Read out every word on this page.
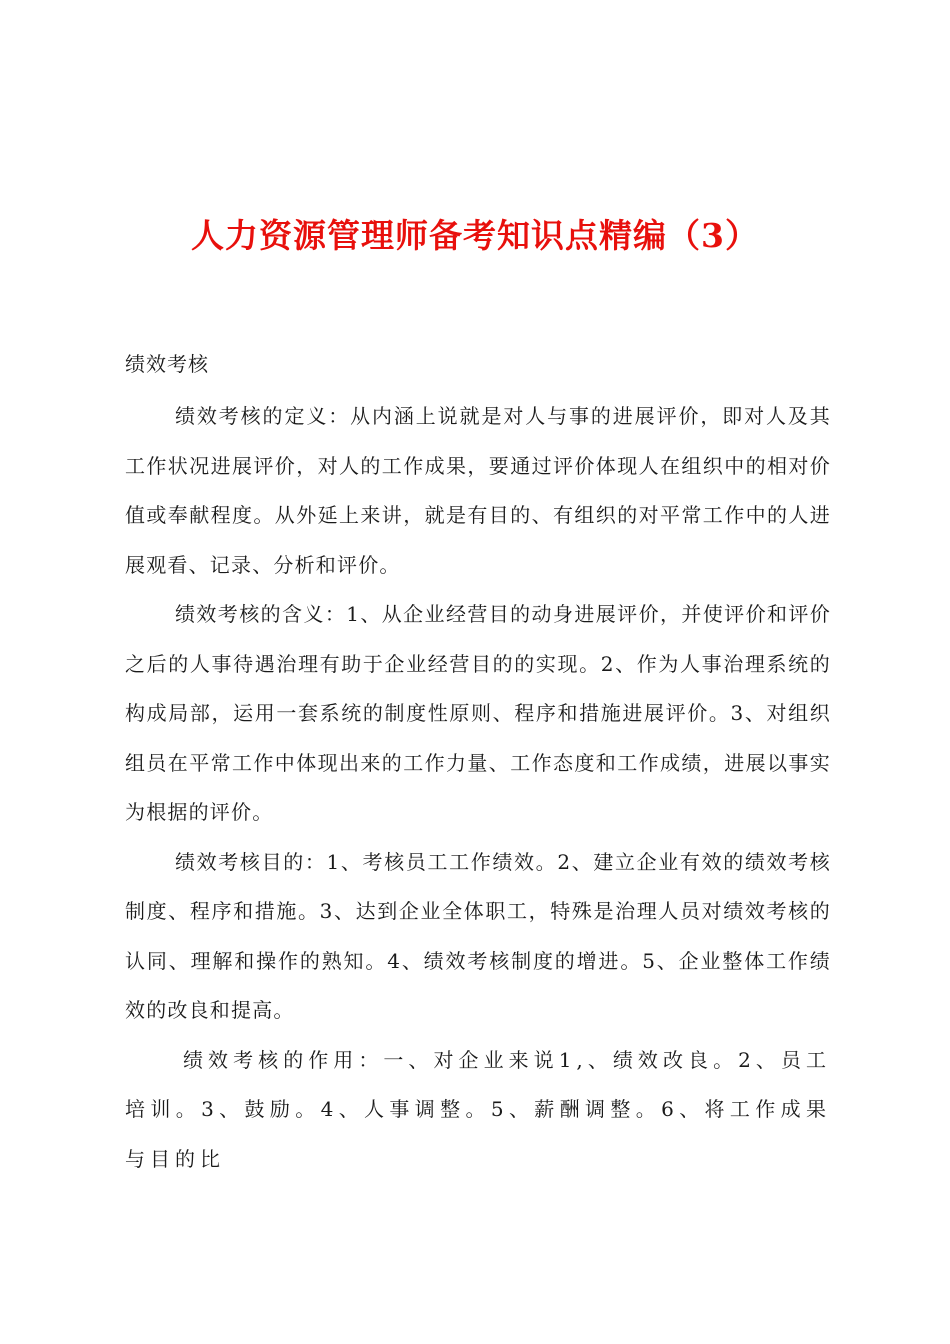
人力资源管理师备考知识点精编（3）
绩效考核

绩效考核的定义：从内涵上说就是对人与事的进展评价，即对人及其工作状况进展评价，对人的工作成果，要通过评价体现人在组织中的相对价值或奉献程度。从外延上来讲，就是有目的、有组织的对平常工作中的人进展观看、记录、分析和评价。

绩效考核的含义：1、从企业经营目的动身进展评价，并使评价和评价之后的人事待遇治理有助于企业经营目的的实现。2、作为人事治理系统的构成局部，运用一套系统的制度性原则、程序和措施进展评价。3、对组织组员在平常工作中体现出来的工作力量、工作态度和工作成绩，进展以事实为根据的评价。

绩效考核目的：1、考核员工工作绩效。2、建立企业有效的绩效考核制度、程序和措施。3、达到企业全体职工，特殊是治理人员对绩效考核的认同、理解和操作的熟知。4、绩效考核制度的增进。5、企业整体工作绩效的改良和提高。

绩效考核的作用：一、对企业来说1,、绩效改良。2、员工培训。3、鼓励。4、人事调整。5、薪酬调整。6、将工作成果与目的比
